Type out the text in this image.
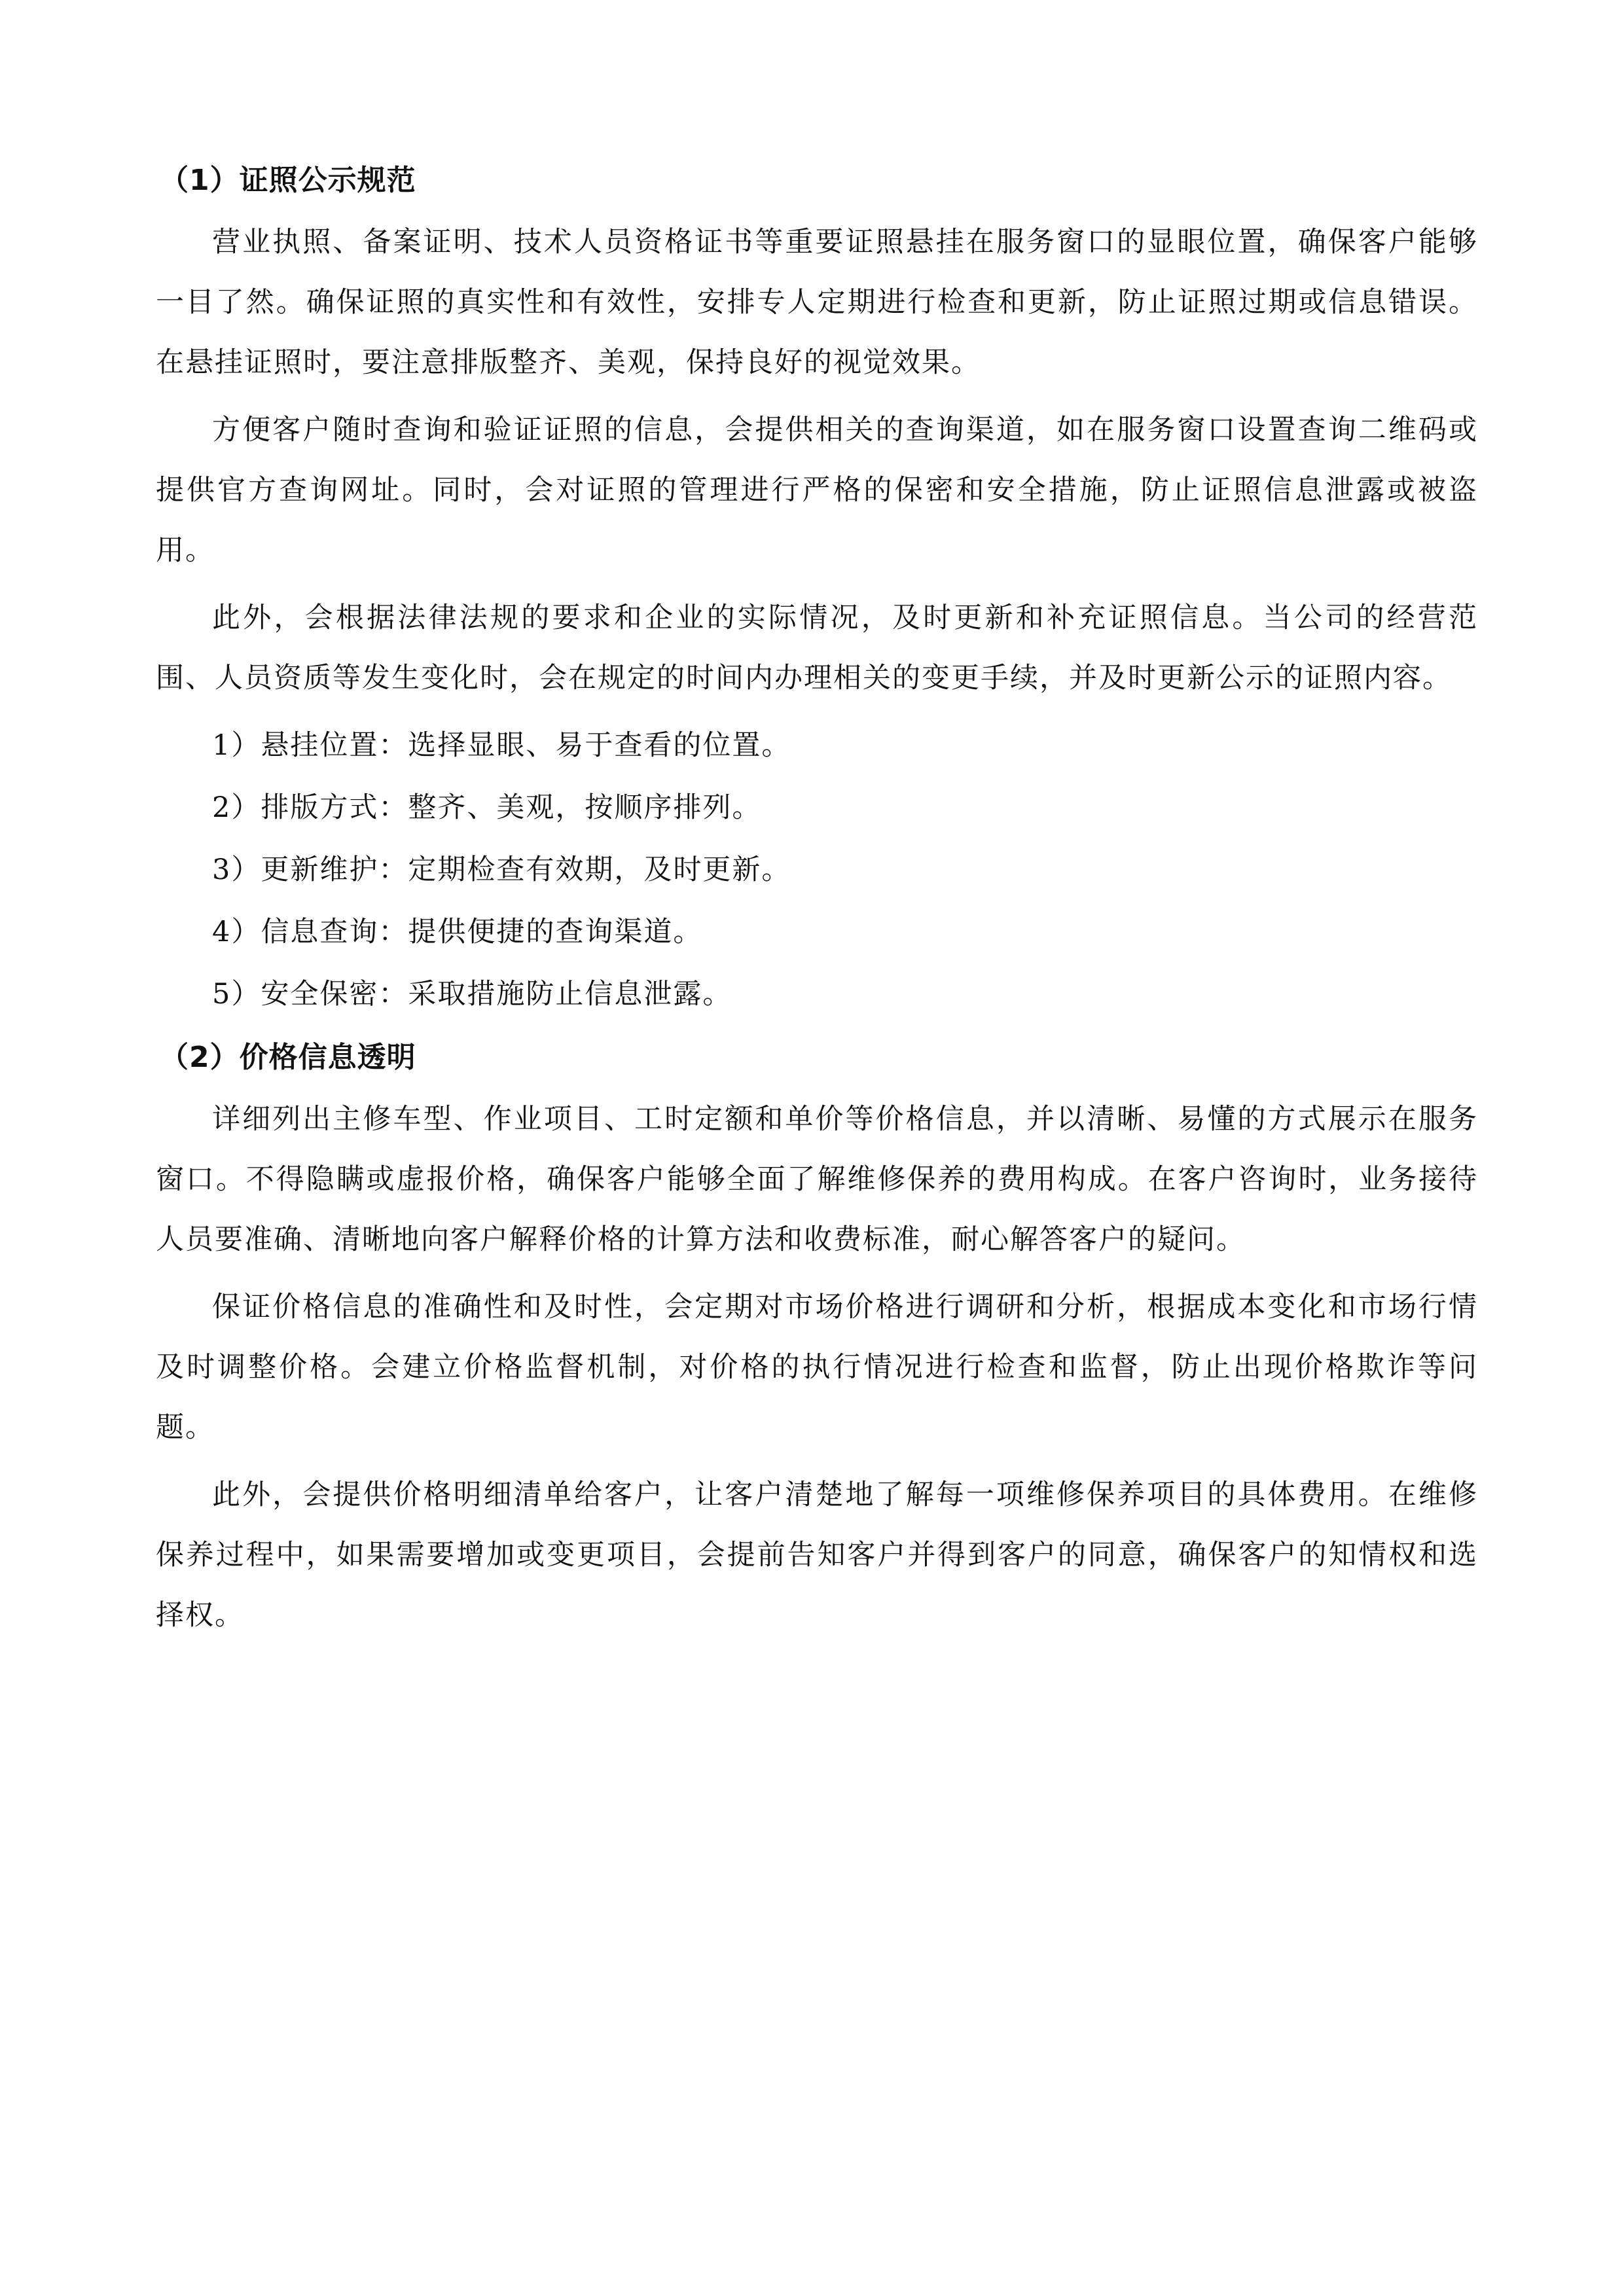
（1）证照公示规范

营业执照、备案证明、技术人员资格证书等重要证照悬挂在服务窗口的显眼位置，确保客户能够一目了然。确保证照的真实性和有效性，安排专人定期进行检查和更新，防止证照过期或信息错误。在悬挂证照时，要注意排版整齐、美观，保持良好的视觉效果。

方便客户随时查询和验证证照的信息，会提供相关的查询渠道，如在服务窗口设置查询二维码或提供官方查询网址。同时，会对证照的管理进行严格的保密和安全措施，防止证照信息泄露或被盗用。

此外，会根据法律法规的要求和企业的实际情况，及时更新和补充证照信息。当公司的经营范围、人员资质等发生变化时，会在规定的时间内办理相关的变更手续，并及时更新公示的证照内容。

1）悬挂位置：选择显眼、易于查看的位置。
2）排版方式：整齐、美观，按顺序排列。
3）更新维护：定期检查有效期，及时更新。
4）信息查询：提供便捷的查询渠道。
5）安全保密：采取措施防止信息泄露。
（2）价格信息透明

详细列出主修车型、作业项目、工时定额和单价等价格信息，并以清晰、易懂的方式展示在服务窗口。不得隐瞒或虚报价格，确保客户能够全面了解维修保养的费用构成。在客户咨询时，业务接待人员要准确、清晰地向客户解释价格的计算方法和收费标准，耐心解答客户的疑问。

保证价格信息的准确性和及时性，会定期对市场价格进行调研和分析，根据成本变化和市场行情及时调整价格。会建立价格监督机制，对价格的执行情况进行检查和监督，防止出现价格欺诈等问题。

此外，会提供价格明细清单给客户，让客户清楚地了解每一项维修保养项目的具体费用。在维修保养过程中，如果需要增加或变更项目，会提前告知客户并得到客户的同意，确保客户的知情权和选择权。
